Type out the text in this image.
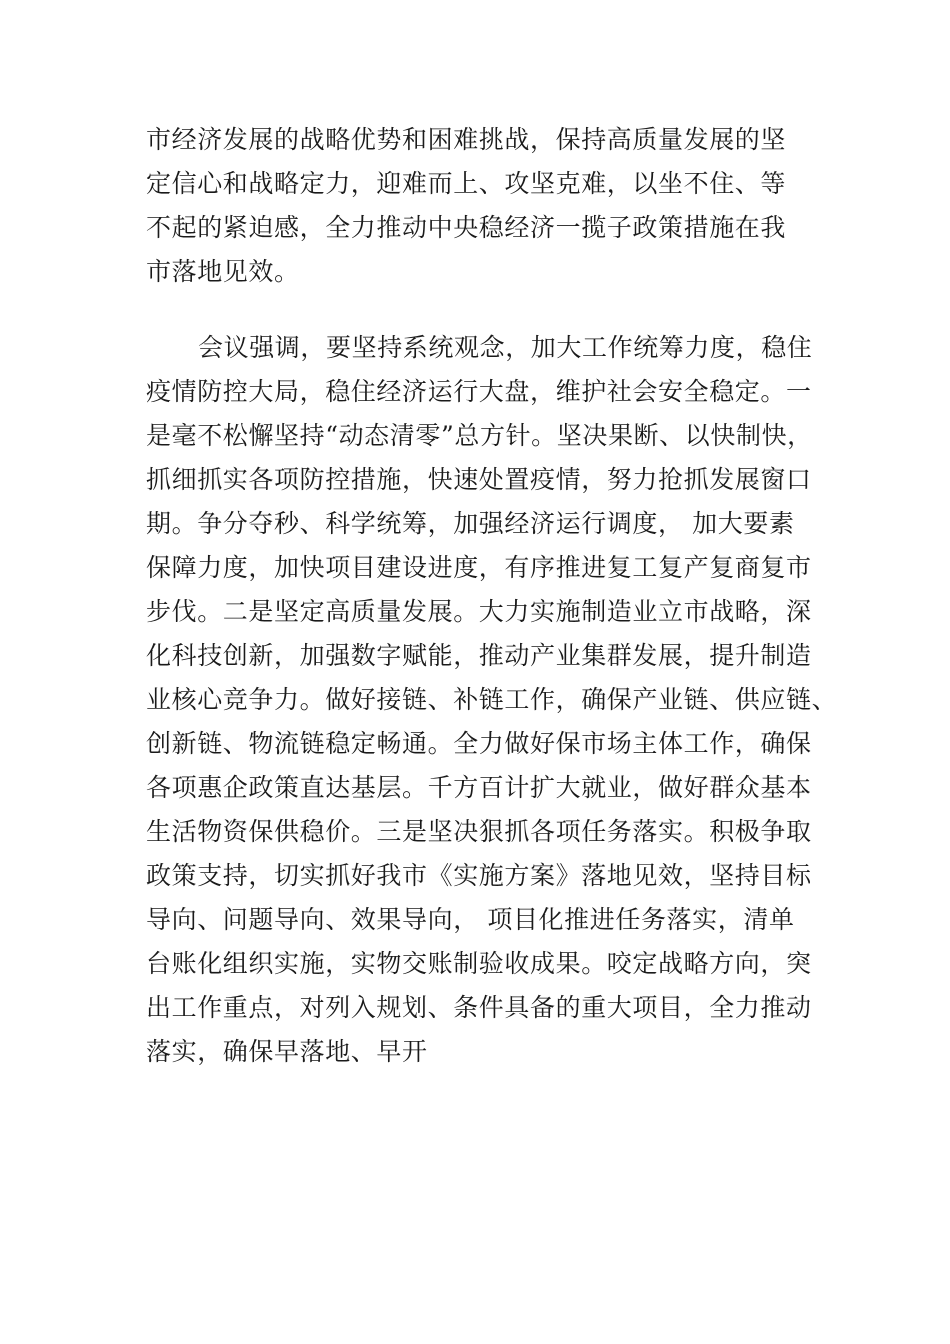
市经济发展的战略优势和困难挑战，保持高质量发展的坚
定信心和战略定力，迎难而上、攻坚克难，以坐不住、等
不起的紧迫感，全力推动中央稳经济一揽子政策措施在我
市落地见效。
会议强调，要坚持系统观念，加大工作统筹力度，稳住
疫情防控大局，稳住经济运行大盘，维护社会安全稳定。一
是毫不松懈坚持“动态清零”总方针。坚决果断、以快制快，
抓细抓实各项防控措施，快速处置疫情，努力抢抓发展窗口
期。争分夺秒、科学统筹，加强经济运行调度， 加大要素
保障力度，加快项目建设进度，有序推进复工复产复商复市
步伐。二是坚定高质量发展。大力实施制造业立市战略，深
化科技创新，加强数字赋能，推动产业集群发展，提升制造
业核心竞争力。做好接链、补链工作，确保产业链、供应链、
创新链、物流链稳定畅通。全力做好保市场主体工作，确保
各项惠企政策直达基层。千方百计扩大就业，做好群众基本
生活物资保供稳价。三是坚决狠抓各项任务落实。积极争取
政策支持，切实抓好我市《实施方案》落地见效，坚持目标
导向、问题导向、效果导向， 项目化推进任务落实，清单
台账化组织实施，实物交账制验收成果。咬定战略方向，突
出工作重点，对列入规划、条件具备的重大项目，全力推动
落实，确保早落地、早开
